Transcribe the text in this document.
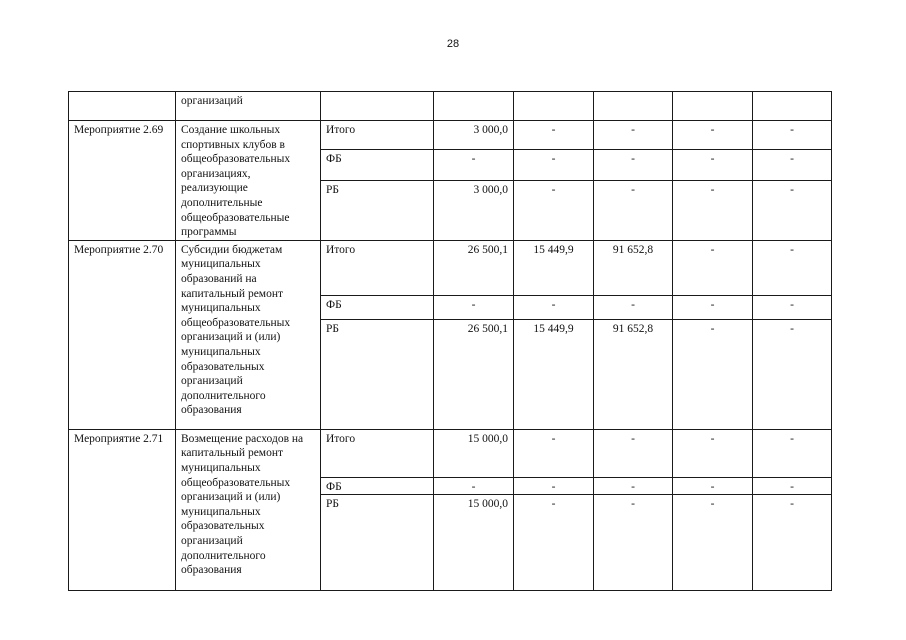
28
	организаций						
Мероприятие 2.69	Создание школьных спортивных клубов в общеобразовательных организациях, реализующие дополнительные общеобразовательные программы	Итого	3 000,0	-	-	-	-
		ФБ	-	-	-	-	-
		РБ	3 000,0	-	-	-	-
Мероприятие 2.70	Субсидии бюджетам муниципальных образований на капитальный ремонт муниципальных общеобразовательных организаций и (или) муниципальных образовательных организаций дополнительного образования	Итого	26 500,1	15 449,9	91 652,8	-	-
		ФБ	-	-	-	-	-
		РБ	26 500,1	15 449,9	91 652,8	-	-
Мероприятие 2.71	Возмещение расходов на капитальный ремонт муниципальных общеобразовательных организаций и (или) муниципальных образовательных организаций дополнительного образования	Итого	15 000,0	-	-	-	-
		ФБ	-	-	-	-	-
		РБ	15 000,0	-	-	-	-
